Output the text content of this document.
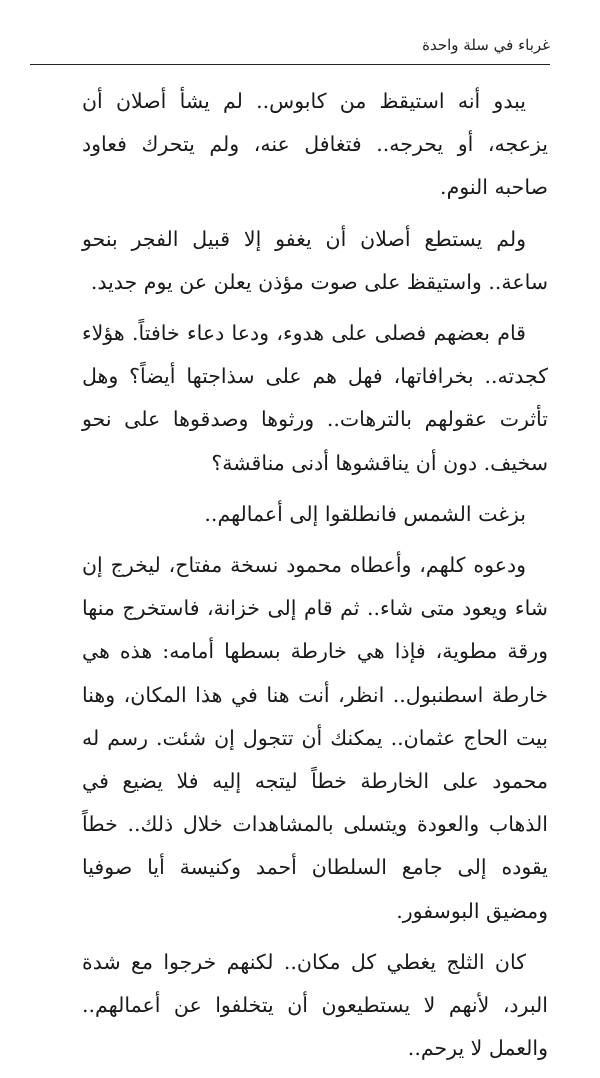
غرباء في سلة واحدة

يبدو أنه استيقظ من كابوس.. لم يشأ أصلان أن يزعجه، أو يحرجه.. فتغافل عنه، ولم يتحرك فعاود صاحبه النوم.

ولم يستطع أصلان أن يغفو إلا قبيل الفجر بنحو ساعة.. واستيقظ على صوت مؤذن يعلن عن يوم جديد.

قام بعضهم فصلى على هدوء، ودعا دعاء خافتاً. هؤلاء كجدته.. بخرافاتها، فهل هم على سذاجتها أيضاً؟ وهل تأثرت عقولهم بالترهات.. ورثوها وصدقوها على نحو سخيف. دون أن يناقشوها أدنى مناقشة؟

بزغت الشمس فانطلقوا إلى أعمالهم..

ودعوه كلهم، وأعطاه محمود نسخة مفتاح، ليخرج إن شاء ويعود متى شاء.. ثم قام إلى خزانة، فاستخرج منها ورقة مطوية، فإذا هي خارطة بسطها أمامه: هذه هي خارطة اسطنبول.. انظر، أنت هنا في هذا المكان، وهنا بيت الحاج عثمان.. يمكنك أن تتجول إن شئت. رسم له محمود على الخارطة خطاً ليتجه إليه فلا يضيع في الذهاب والعودة ويتسلى بالمشاهدات خلال ذلك.. خطاً يقوده إلى جامع السلطان أحمد وكنيسة أيا صوفيا ومضيق البوسفور.

كان الثلج يغطي كل مكان.. لكنهم خرجوا مع شدة البرد، لأنهم لا يستطيعون أن يتخلفوا عن أعمالهم.. والعمل لا يرحم..
